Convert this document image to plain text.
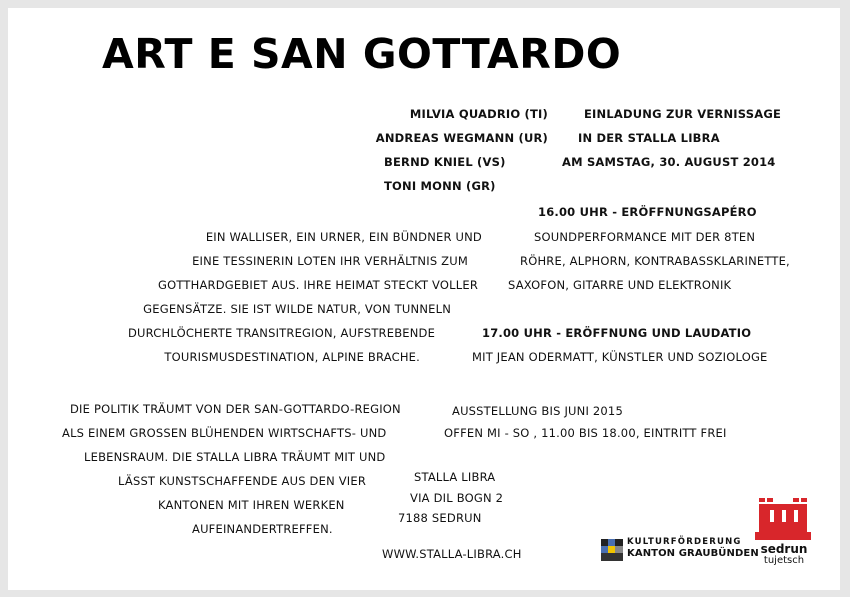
ART E SAN GOTTARDO
MILVIA QUADRIO (TI)
ANDREAS WEGMANN (UR)
BERND KNIEL (VS)
TONI MONN (GR)
EINLADUNG ZUR VERNISSAGE
IN DER STALLA LIBRA
AM SAMSTAG, 30. AUGUST 2014
16.00 UHR - ERÖFFNUNGSAPÉRO
SOUNDPERFORMANCE MIT DER 8TEN
RÖHRE, ALPHORN, KONTRABASSKLARINETTE,
SAXOFON, GITARRE UND ELEKTRONIK
EIN WALLISER, EIN URNER, EIN BÜNDNER UND
EINE TESSINERIN LOTEN IHR VERHÄLTNIS ZUM
GOTTHARDGEBIET AUS. IHRE HEIMAT STECKT VOLLER
GEGENSÄTZE. SIE IST WILDE NATUR, VON TUNNELN
DURCHLÖCHERTE TRANSITREGION, AUFSTREBENDE
TOURISMUSDESTINATION, ALPINE BRACHE.
17.00 UHR - ERÖFFNUNG UND LAUDATIO
MIT JEAN ODERMATT, KÜNSTLER UND SOZIOLOGE
DIE POLITIK TRÄUMT VON DER SAN-GOTTARDO-REGION
ALS EINEM GROSSEN BLÜHENDEN WIRTSCHAFTS- UND
LEBENSRAUM. DIE STALLA LIBRA TRÄUMT MIT UND
LÄSST KUNSTSCHAFFENDE AUS DEN VIER
KANTONEN MIT IHREN WERKEN
AUFEINANDERTREFFEN.
AUSSTELLUNG BIS JUNI 2015
OFFEN MI - SO , 11.00 BIS 18.00, EINTRITT FREI
STALLA LIBRA
VIA DIL BOGN 2
7188 SEDRUN
WWW.STALLA-LIBRA.CH
KULTURFÖRDERUNG
KANTON GRAUBÜNDEN sedrun
tujetsch
